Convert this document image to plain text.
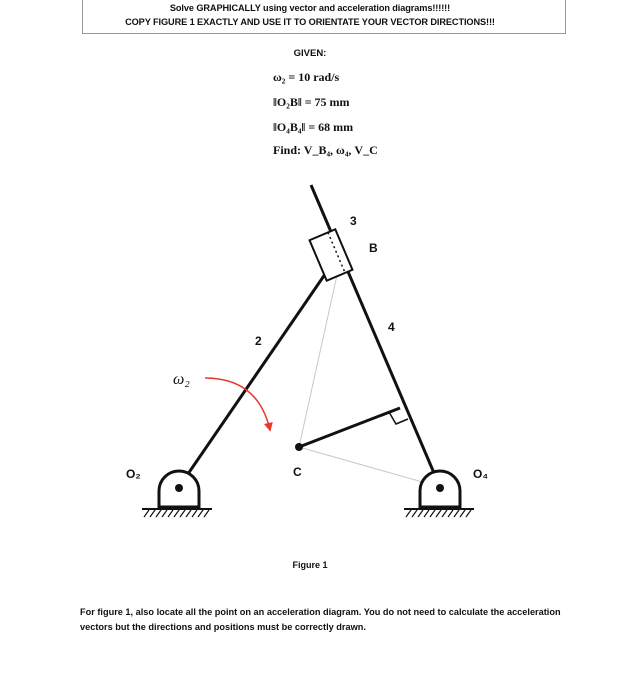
Solve GRAPHICALLY using vector and acceleration diagrams!!!!!!
COPY FIGURE 1 EXACTLY AND USE IT TO ORIENTATE YOUR VECTOR DIRECTIONS!!!
GIVEN:
ω₂ = 10 rad/s
‖O₂B‖ = 75 mm
‖O₄B₄‖ = 68 mm
Find: V_B₄, ω₄, V_C
3
B
4
2
ω₂
C
O₂	O₄
Figure 1
For figure 1, also locate all the point on an acceleration diagram. You do not need to calculate the acceleration vectors but the directions and positions must be correctly drawn.
